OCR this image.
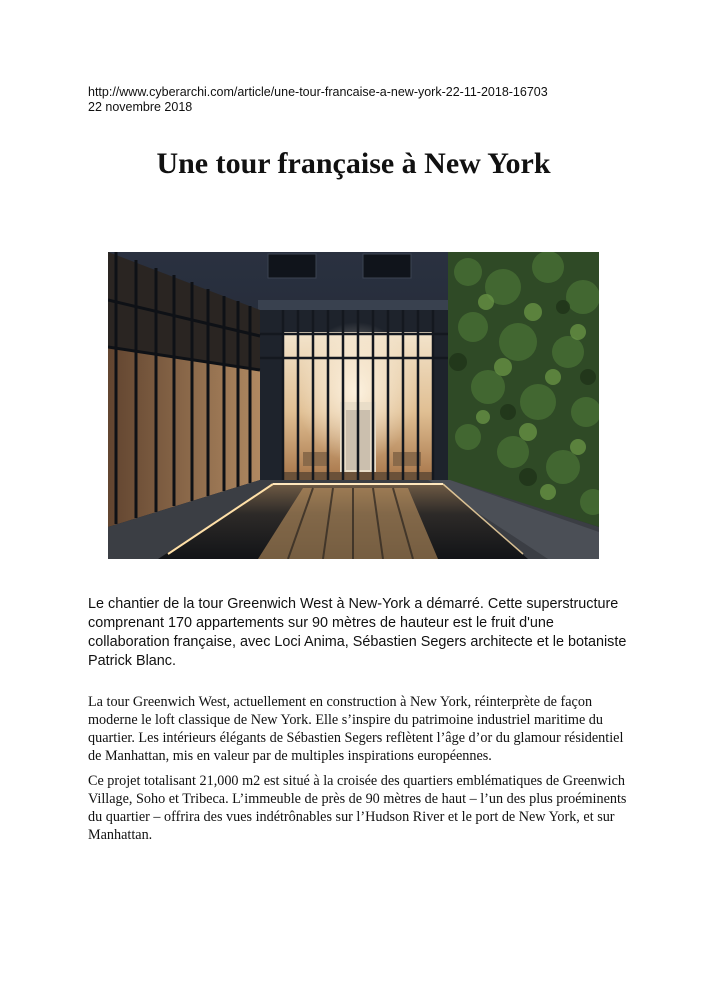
http://www.cyberarchi.com/article/une-tour-francaise-a-new-york-22-11-2018-16703
22 novembre 2018
Une tour française à New York

Le chantier de la tour Greenwich West à New-York a démarré. Cette superstructure comprenant 170 appartements sur 90 mètres de hauteur est le fruit d'une collaboration française, avec Loci Anima, Sébastien Segers architecte et le botaniste Patrick Blanc.

La tour Greenwich West, actuellement en construction à New York, réinterprète de façon moderne le loft classique de New York. Elle s’inspire du patrimoine industriel maritime du quartier. Les intérieurs élégants de Sébastien Segers reflètent l’âge d’or du glamour résidentiel de Manhattan, mis en valeur par de multiples inspirations européennes.

Ce projet totalisant 21,000 m2 est situé à la croisée des quartiers emblématiques de Greenwich Village, Soho et Tribeca. L’immeuble de près de 90 mètres de haut – l’un des plus proéminents du quartier – offrira des vues indétrônables sur l’Hudson River et le port de New York, et sur Manhattan.
